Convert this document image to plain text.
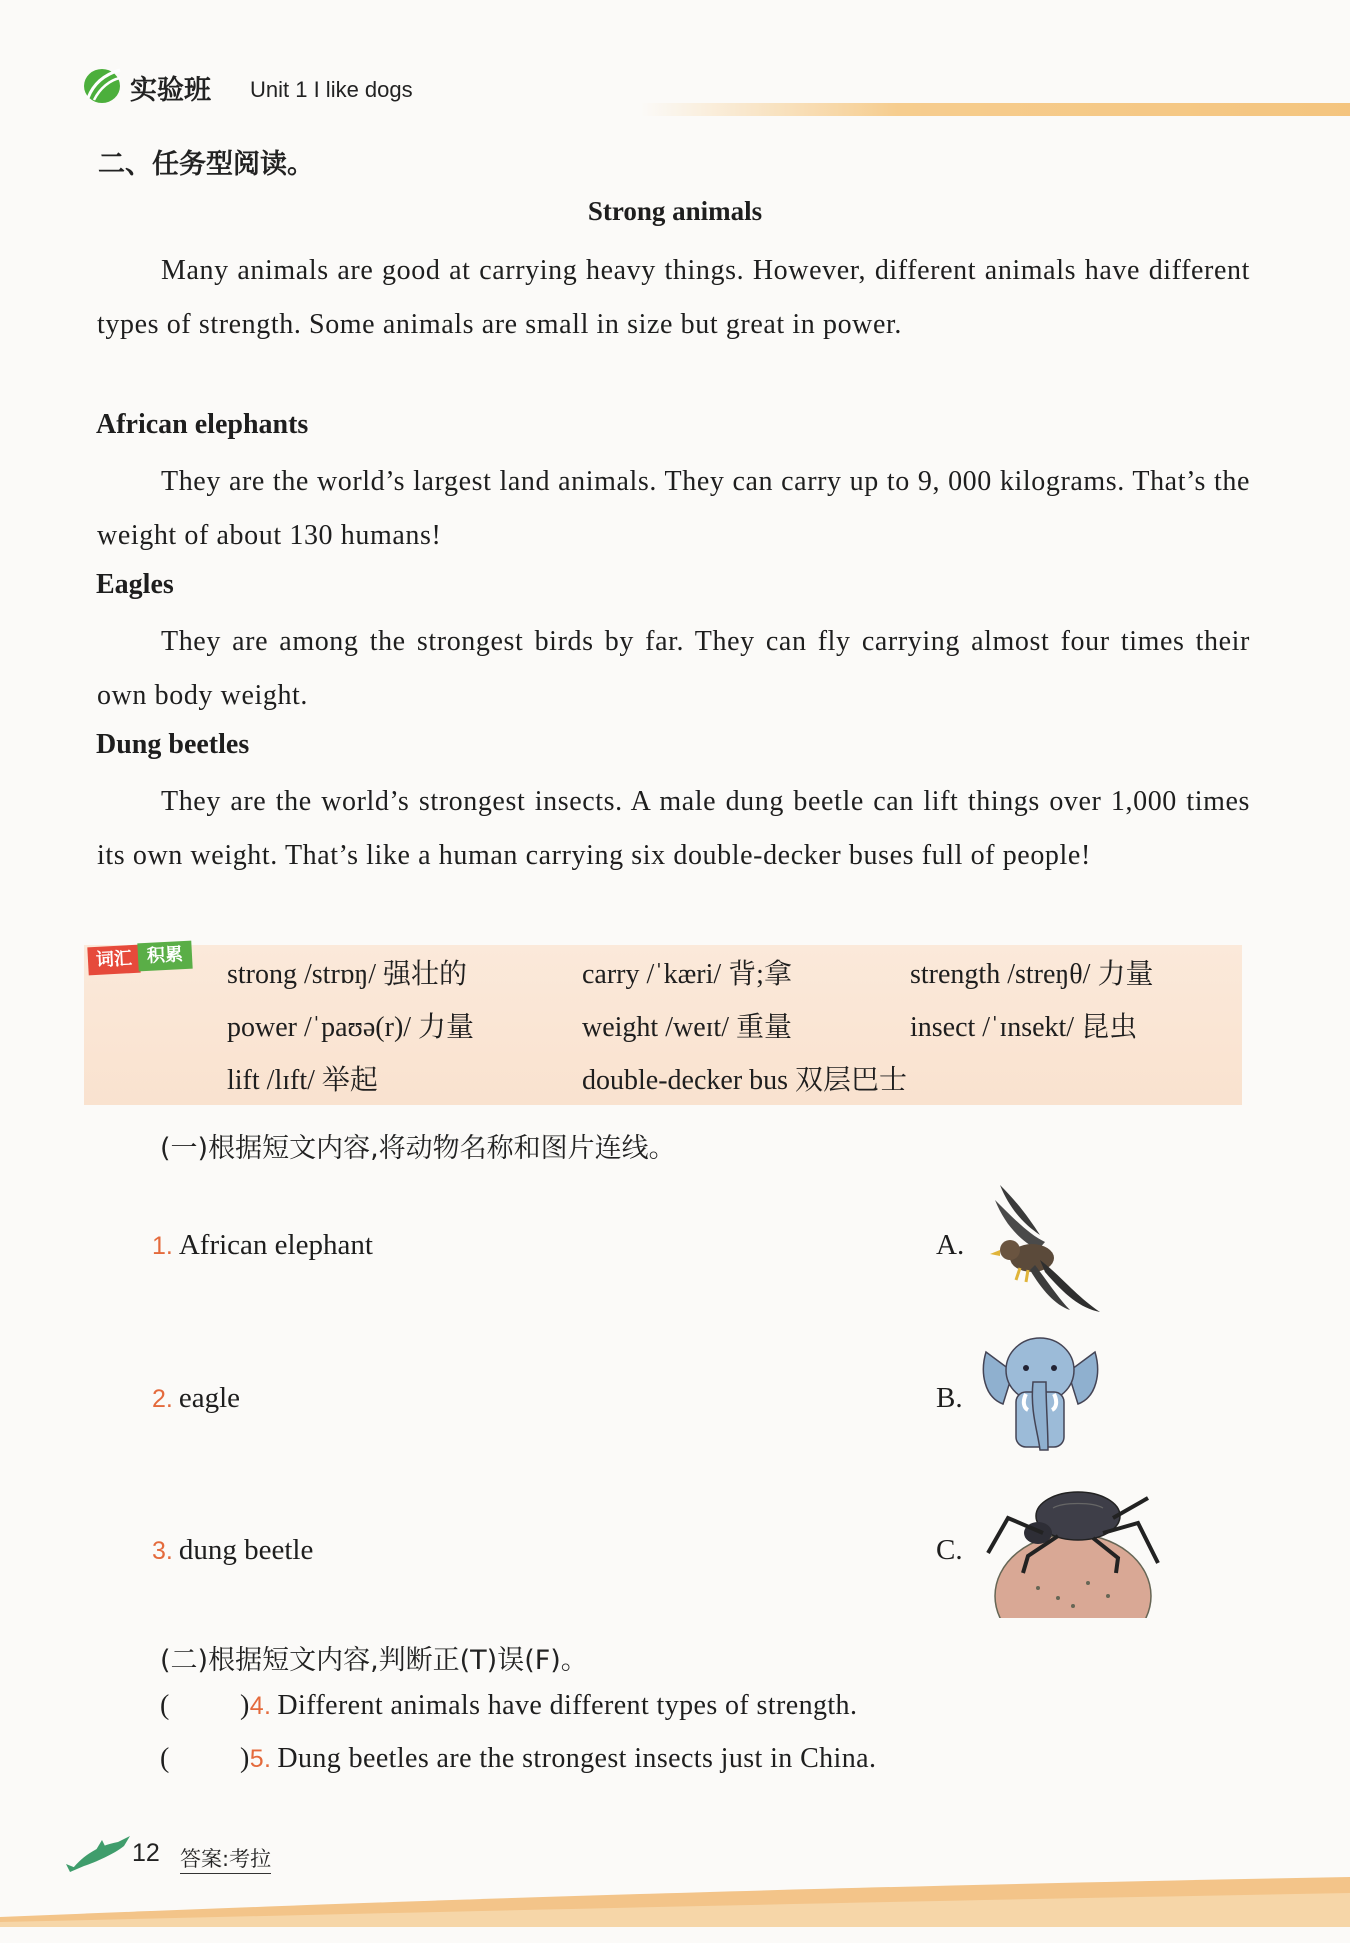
实验班 Unit 1 I like dogs
二、任务型阅读。
Strong animals
Many animals are good at carrying heavy things. However, different animals have different types of strength. Some animals are small in size but great in power.
African elephants
They are the world’s largest land animals. They can carry up to 9, 000 kilograms. That’s the weight of about 130 humans!
Eagles
They are among the strongest birds by far. They can fly carrying almost four times their own body weight.
Dung beetles
They are the world’s strongest insects. A male dung beetle can lift things over 1,000 times its own weight. That’s like a human carrying six double-decker buses full of people!
词汇 积累
strong /strɒŋ/ 强壮的	carry /ˈkæri/ 背;拿	strength /streŋθ/ 力量
power /ˈpaʊə(r)/ 力量	weight /weɪt/ 重量	insect /ˈɪnsekt/ 昆虫
lift /lɪft/ 举起	double-decker bus 双层巴士
(一)根据短文内容,将动物名称和图片连线。
1. African elephant
2. eagle
3. dung beetle
A.
B.
C.
(二)根据短文内容,判断正(T)误(F)。
(	)4. Different animals have different types of strength.
(	)5. Dung beetles are the strongest insects just in China.
12 答案:考拉
